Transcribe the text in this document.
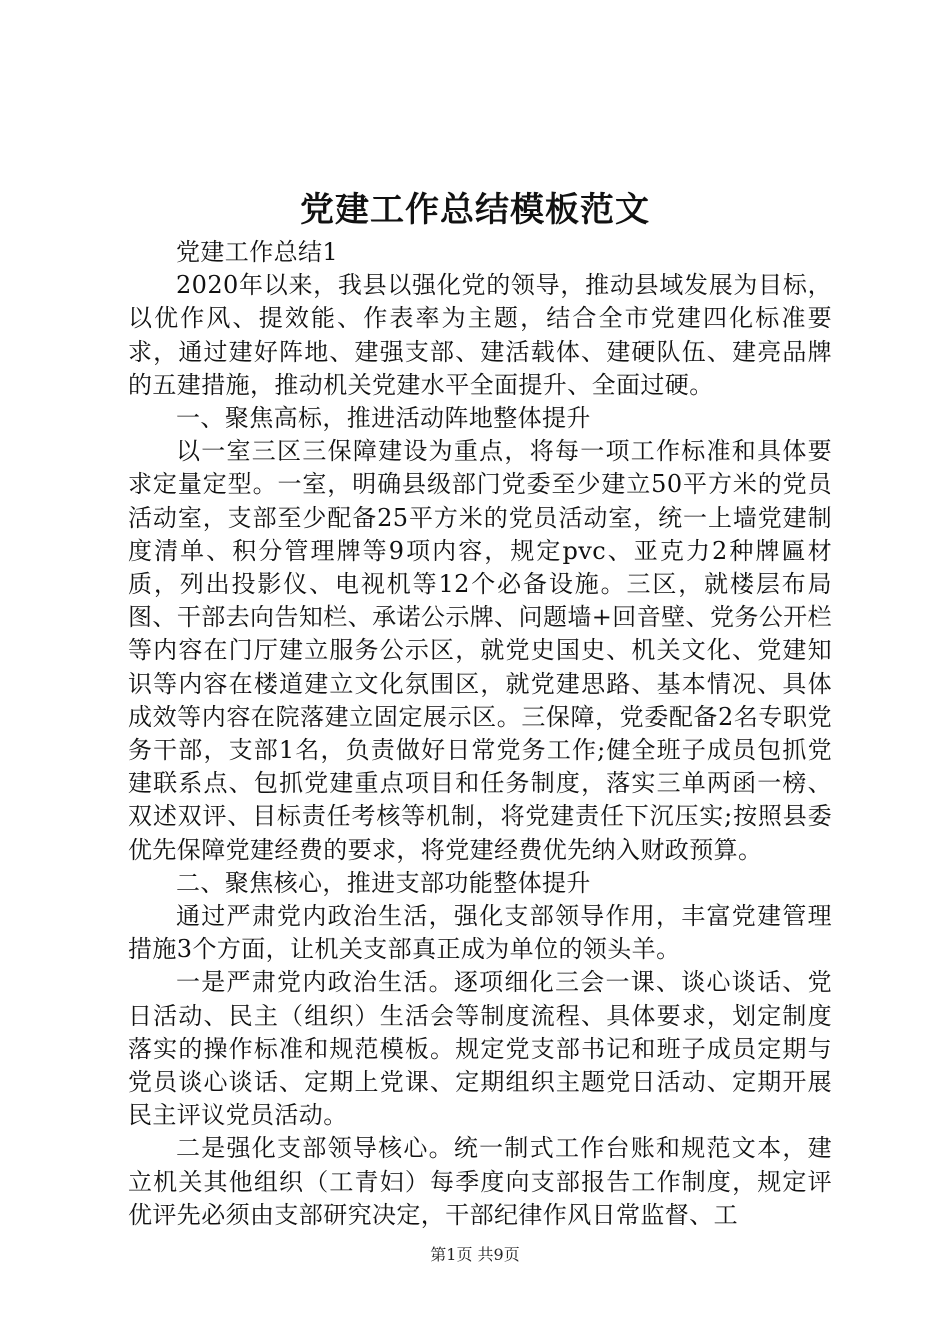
党建工作总结模板范文

党建工作总结1

2020年以来，我县以强化党的领导，推动县域发展为目标，以优作风、提效能、作表率为主题，结合全市党建四化标准要求，通过建好阵地、建强支部、建活载体、建硬队伍、建亮品牌的五建措施，推动机关党建水平全面提升、全面过硬。

一、聚焦高标，推进活动阵地整体提升

以一室三区三保障建设为重点，将每一项工作标准和具体要求定量定型。一室，明确县级部门党委至少建立50平方米的党员活动室，支部至少配备25平方米的党员活动室，统一上墙党建制度清单、积分管理牌等9项内容，规定pvc、亚克力2种牌匾材质，列出投影仪、电视机等12个必备设施。三区，就楼层布局图、干部去向告知栏、承诺公示牌、问题墙+回音壁、党务公开栏等内容在门厅建立服务公示区，就党史国史、机关文化、党建知识等内容在楼道建立文化氛围区，就党建思路、基本情况、具体成效等内容在院落建立固定展示区。三保障，党委配备2名专职党务干部，支部1名，负责做好日常党务工作;健全班子成员包抓党建联系点、包抓党建重点项目和任务制度，落实三单两函一榜、双述双评、目标责任考核等机制，将党建责任下沉压实;按照县委优先保障党建经费的要求，将党建经费优先纳入财政预算。

二、聚焦核心，推进支部功能整体提升

通过严肃党内政治生活，强化支部领导作用，丰富党建管理措施3个方面，让机关支部真正成为单位的领头羊。

一是严肃党内政治生活。逐项细化三会一课、谈心谈话、党日活动、民主（组织）生活会等制度流程、具体要求，划定制度落实的操作标准和规范模板。规定党支部书记和班子成员定期与党员谈心谈话、定期上党课、定期组织主题党日活动、定期开展民主评议党员活动。

二是强化支部领导核心。统一制式工作台账和规范文本，建立机关其他组织（工青妇）每季度向支部报告工作制度，规定评优评先必须由支部研究决定，干部纪律作风日常监督、工

第1页 共9页
